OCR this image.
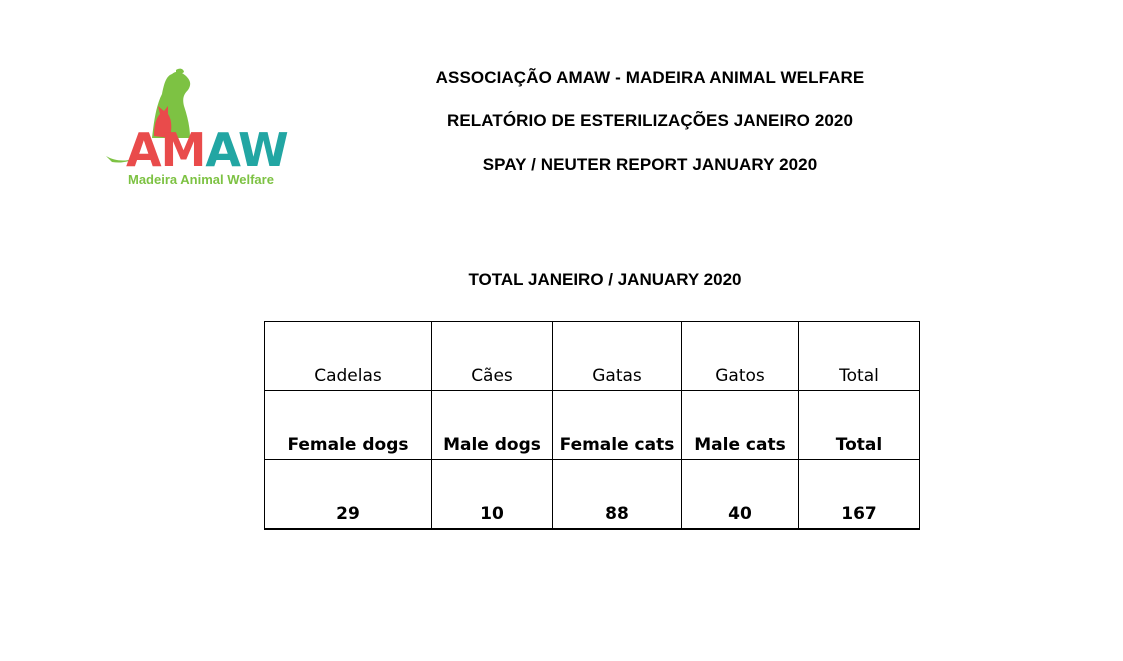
AMAW
Madeira Animal Welfare
ASSOCIAÇÃO AMAW - MADEIRA ANIMAL WELFARE
RELATÓRIO DE ESTERILIZAÇÕES JANEIRO 2020
SPAY / NEUTER REPORT JANUARY 2020
TOTAL JANEIRO / JANUARY 2020
Cadelas	Cães	Gatas	Gatos	Total
Female dogs	Male dogs	Female cats	Male cats	Total
29	10	88	40	167
